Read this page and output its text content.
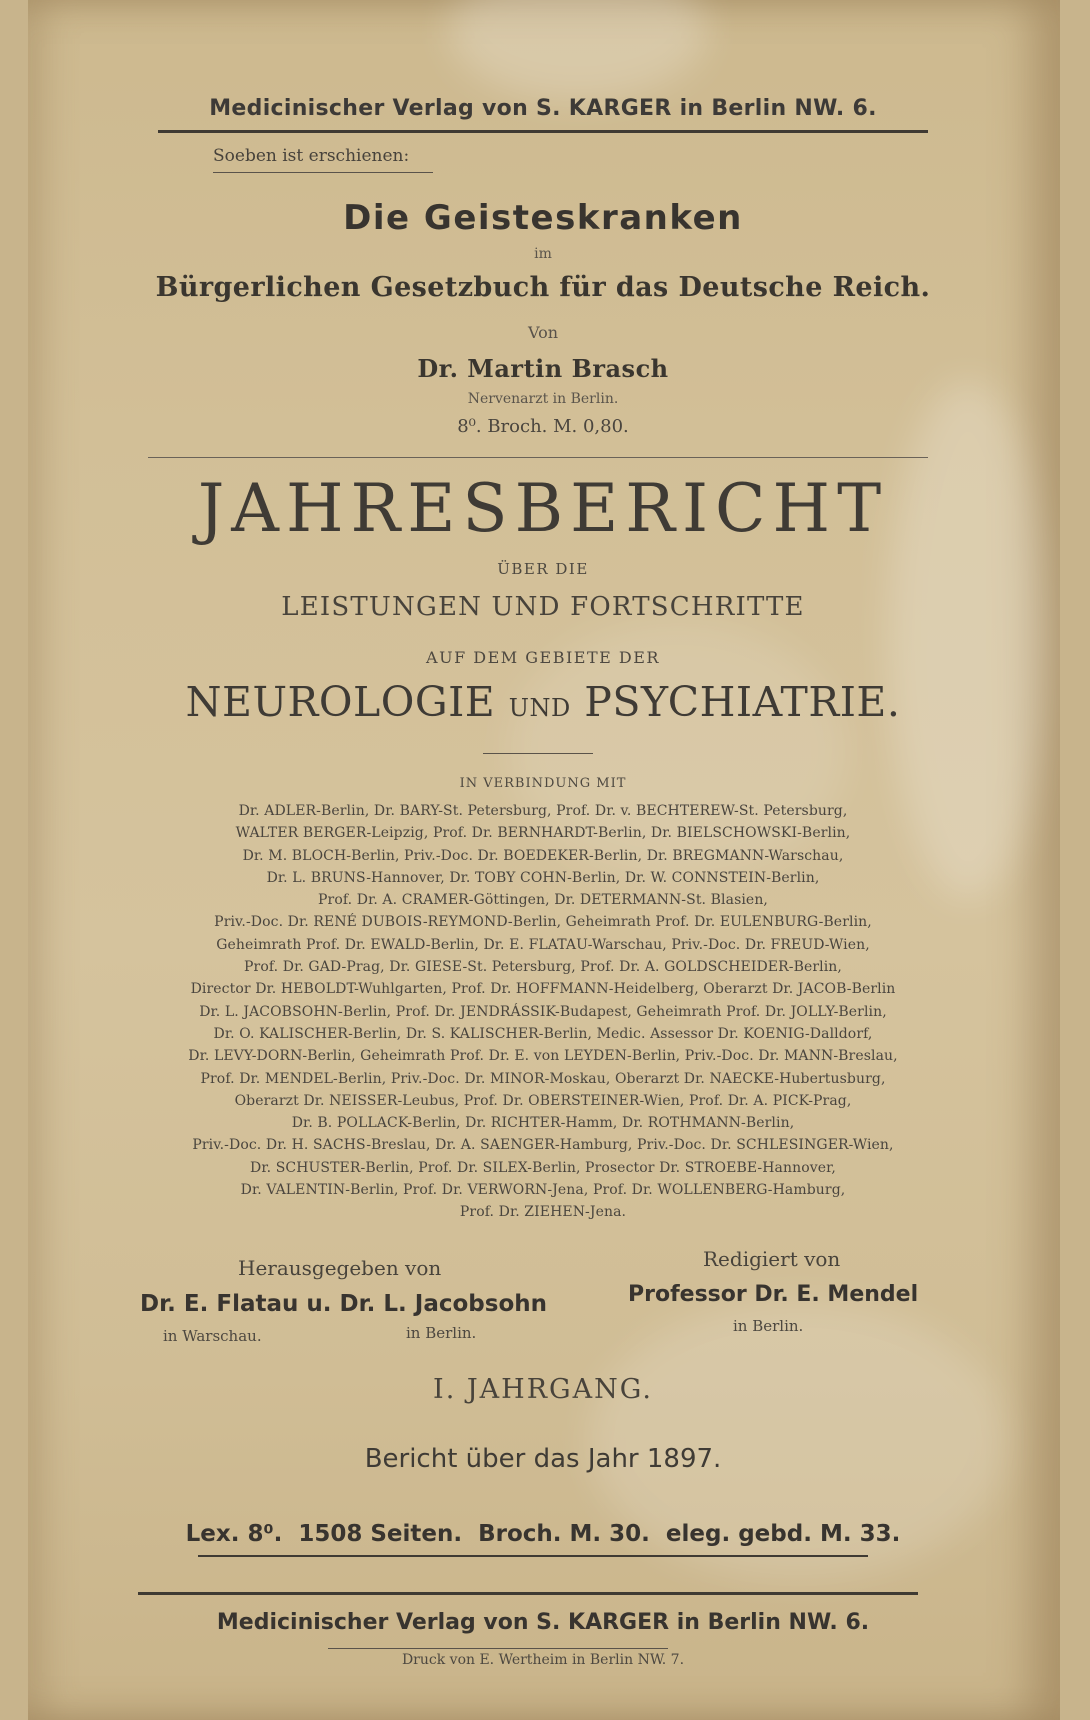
Medicinischer Verlag von S. KARGER in Berlin NW. 6.
Soeben ist erschienen:
Die Geisteskranken
im
Bürgerlichen Gesetzbuch für das Deutsche Reich.
Von
Dr. Martin Brasch
Nervenarzt in Berlin.
8⁰. Broch. M. 0,80.
JAHRESBERICHT
ÜBER DIE
LEISTUNGEN UND FORTSCHRITTE
AUF DEM GEBIETE DER
NEUROLOGIE UND PSYCHIATRIE.
IN VERBINDUNG MIT
Dr. ADLER-Berlin, Dr. BARY-St. Petersburg, Prof. Dr. v. BECHTEREW-St. Petersburg,
WALTER BERGER-Leipzig, Prof. Dr. BERNHARDT-Berlin, Dr. BIELSCHOWSKI-Berlin,
Dr. M. BLOCH-Berlin, Priv.-Doc. Dr. BOEDEKER-Berlin, Dr. BREGMANN-Warschau,
Dr. L. BRUNS-Hannover, Dr. TOBY COHN-Berlin, Dr. W. CONNSTEIN-Berlin,
Prof. Dr. A. CRAMER-Göttingen, Dr. DETERMANN-St. Blasien,
Priv.-Doc. Dr. RENÉ DUBOIS-REYMOND-Berlin, Geheimrath Prof. Dr. EULENBURG-Berlin,
Geheimrath Prof. Dr. EWALD-Berlin, Dr. E. FLATAU-Warschau, Priv.-Doc. Dr. FREUD-Wien,
Prof. Dr. GAD-Prag, Dr. GIESE-St. Petersburg, Prof. Dr. A. GOLDSCHEIDER-Berlin,
Director Dr. HEBOLDT-Wuhlgarten, Prof. Dr. HOFFMANN-Heidelberg, Oberarzt Dr. JACOB-Berlin
Dr. L. JACOBSOHN-Berlin, Prof. Dr. JENDRÁSSIK-Budapest, Geheimrath Prof. Dr. JOLLY-Berlin,
Dr. O. KALISCHER-Berlin, Dr. S. KALISCHER-Berlin, Medic. Assessor Dr. KOENIG-Dalldorf,
Dr. LEVY-DORN-Berlin, Geheimrath Prof. Dr. E. von LEYDEN-Berlin, Priv.-Doc. Dr. MANN-Breslau,
Prof. Dr. MENDEL-Berlin, Priv.-Doc. Dr. MINOR-Moskau, Oberarzt Dr. NAECKE-Hubertusburg,
Oberarzt Dr. NEISSER-Leubus, Prof. Dr. OBERSTEINER-Wien, Prof. Dr. A. PICK-Prag,
Dr. B. POLLACK-Berlin, Dr. RICHTER-Hamm, Dr. ROTHMANN-Berlin,
Priv.-Doc. Dr. H. SACHS-Breslau, Dr. A. SAENGER-Hamburg, Priv.-Doc. Dr. SCHLESINGER-Wien,
Dr. SCHUSTER-Berlin, Prof. Dr. SILEX-Berlin, Prosector Dr. STROEBE-Hannover,
Dr. VALENTIN-Berlin, Prof. Dr. VERWORN-Jena, Prof. Dr. WOLLENBERG-Hamburg,
Prof. Dr. ZIEHEN-Jena.
Herausgegeben von
Dr. E. Flatau u. Dr. L. Jacobsohn
in Warschau.	in Berlin.
Redigiert von
Professor Dr. E. Mendel
in Berlin.
I. JAHRGANG.
Bericht über das Jahr 1897.
Lex. 8⁰.  1508 Seiten.  Broch. M. 30.  eleg. gebd. M. 33.
Medicinischer Verlag von S. KARGER in Berlin NW. 6.
Druck von E. Wertheim in Berlin NW. 7.
